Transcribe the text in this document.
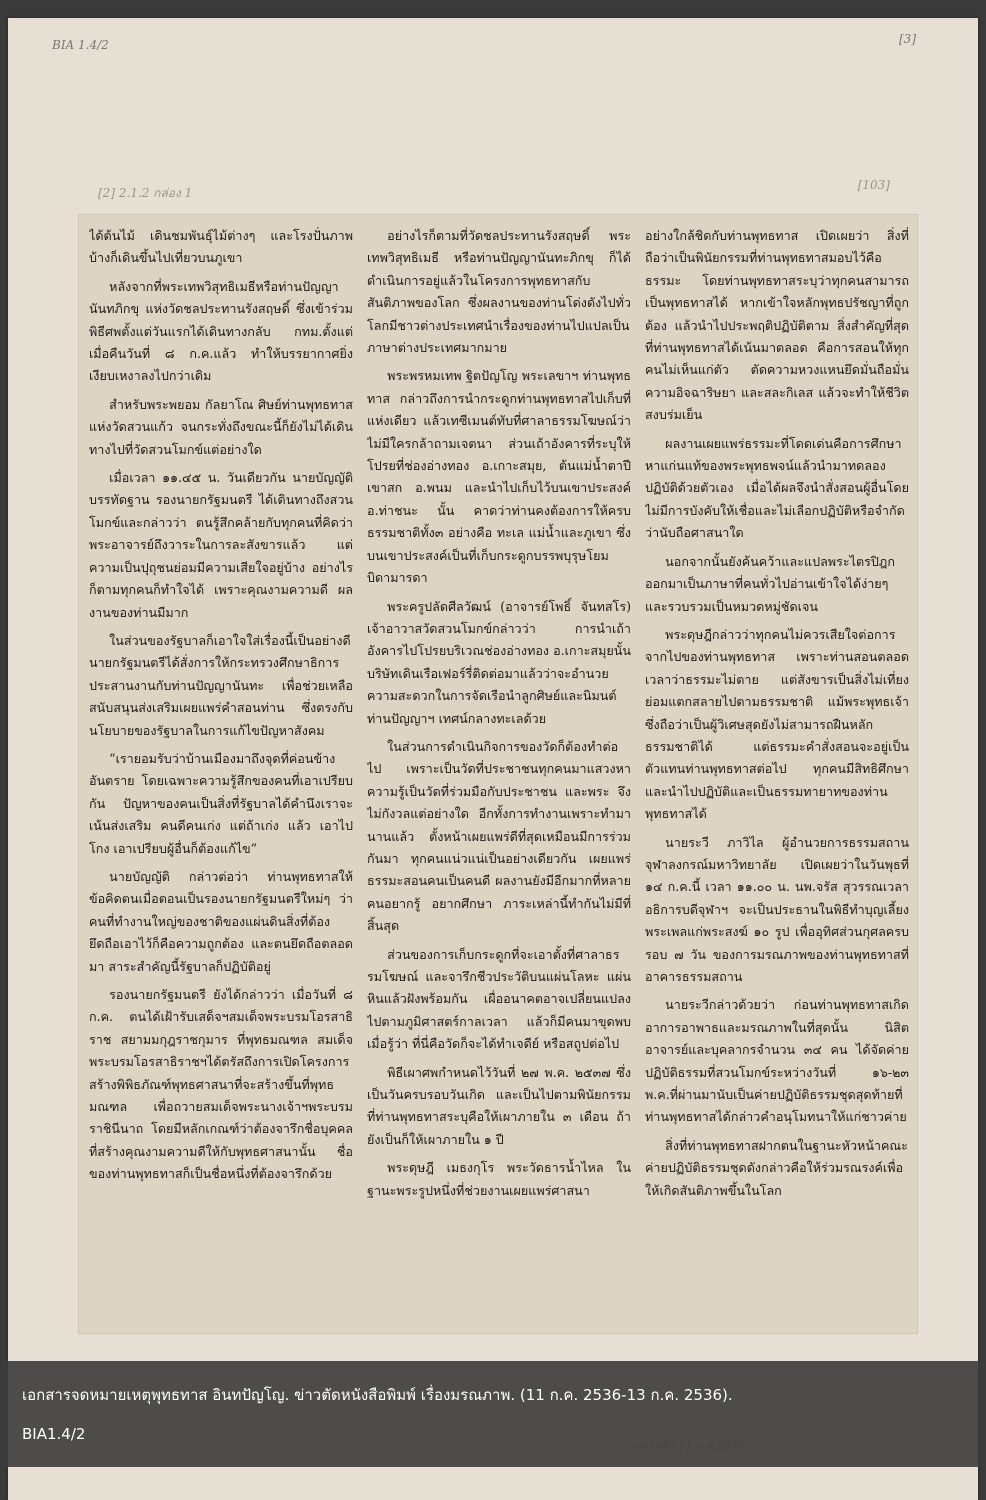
BIA 1.4/2	[3]
[2] 2.1.2 กล่อง 1
[103]

ได้ต้นไม้ เดินชมพันธุ์ไม้ต่างๆ และโรงปั่นภาพ บ้างก็เดินขึ้นไปเที่ยวบนภูเขา

หลังจากที่พระเทพวิสุทธิเมธีหรือท่านปัญญานันทภิกขุ แห่งวัดชลประทานรังสฤษดิ์ ซึ่งเข้าร่วมพิธีศพตั้งแต่วันแรกได้เดินทางกลับ กทม.ตั้งแต่เมื่อคืนวันที่ ๘ ก.ค.แล้ว ทำให้บรรยากาศยิ่งเงียบเหงาลงไปกว่าเดิม

สำหรับพระพยอม กัลยาโณ ศิษย์ท่านพุทธทาสแห่งวัดสวนแก้ว จนกระทั่งถึงขณะนี้ก็ยังไม่ได้เดินทางไปที่วัดสวนโมกข์แต่อย่างใด

เมื่อเวลา ๑๑.๔๕ น. วันเดียวกัน นายบัญญัติ บรรทัดฐาน รองนายกรัฐมนตรี ได้เดินทางถึงสวนโมกข์และกล่าวว่า ตนรู้สึกคล้ายกับทุกคนที่คิดว่าพระอาจารย์ถึงวาระในการละสังขารแล้ว แต่ความเป็นปุถุชนย่อมมีความเสียใจอยู่บ้าง อย่างไรก็ตามทุกคนก็ทำใจได้ เพราะคุณงามความดี ผลงานของท่านมีมาก

ในส่วนของรัฐบาลก็เอาใจใส่เรื่องนี้เป็นอย่างดี นายกรัฐมนตรีได้สั่งการให้กระทรวงศึกษาธิการประสานงานกับท่านปัญญานันทะ เพื่อช่วยเหลือสนับสนุนส่งเสริมเผยแพร่คำสอนท่าน ซึ่งตรงกับนโยบายของรัฐบาลในการแก้ไขปัญหาสังคม

“เรายอมรับว่าบ้านเมืองมาถึงจุดที่ค่อนข้างอันตราย โดยเฉพาะความรู้สึกของคนที่เอาเปรียบกัน ปัญหาของคนเป็นสิ่งที่รัฐบาลได้คำนึงเราจะเน้นส่งเสริม คนดีคนเก่ง แต่ถ้าเก่ง แล้ว เอาไปโกง เอาเปรียบผู้อื่นก็ต้องแก้ไข”

นายบัญญัติ กล่าวต่อว่า ท่านพุทธทาสให้ข้อคิดตนเมื่อตอนเป็นรองนายกรัฐมนตรีใหม่ๆ ว่า คนที่ทำงานใหญ่ของชาติของแผ่นดินสิ่งที่ต้องยึดถือเอาไว้ก็คือความถูกต้อง และตนยึดถือตลอดมา สาระสำคัญนี้รัฐบาลก็ปฏิบัติอยู่

รองนายกรัฐมนตรี ยังได้กล่าวว่า เมื่อวันที่ ๘ ก.ค. ตนได้เฝ้ารับเสด็จฯสมเด็จพระบรมโอรสาธิราช สยามมกุฎราชกุมาร ที่พุทธมณฑล สมเด็จพระบรมโอรสาธิราชฯได้ตรัสถึงการเปิดโครงการสร้างพิพิธภัณฑ์พุทธศาสนาที่จะสร้างขึ้นที่พุทธมณฑล เพื่อถวายสมเด็จพระนางเจ้าฯพระบรมราชินีนาถ โดยมีหลักเกณฑ์ว่าต้องจารึกชื่อบุคคลที่สร้างคุณงามความดีให้กับพุทธศาสนานั้น ชื่อของท่านพุทธทาสก็เป็นชื่อหนึ่งที่ต้องจารึกด้วย

อย่างไรก็ตามที่วัดชลประทานรังสฤษดิ์ พระเทพวิสุทธิเมธี หรือท่านปัญญานันทะภิกขุ ก็ได้ดำเนินการอยู่แล้วในโครงการพุทธทาสกับสันติภาพของโลก ซึ่งผลงานของท่านโด่งดังไปทั่วโลกมีชาวต่างประเทศนำเรื่องของท่านไปแปลเป็นภาษาต่างประเทศมากมาย

พระพรหมเทพ ฐิตปัญโญ พระเลขาฯ ท่านพุทธทาส กล่าวถึงการนำกระดูกท่านพุทธทาสไปเก็บที่แห่งเดียว แล้วเทซีเมนต์ทับที่ศาลาธรรมโฆษณ์ว่า ไม่มีใครกล้าถามเจตนา ส่วนเถ้าอังคารที่ระบุให้โปรยที่ช่องอ่างทอง อ.เกาะสมุย, ต้นแม่น้ำตาปีเขาสก อ.พนม และนำไปเก็บไว้บนเขาประสงค์ อ.ท่าชนะ นั้น คาดว่าท่านคงต้องการให้ครบธรรมชาติทั้ง๓ อย่างคือ ทะเล แม่น้ำและภูเขา ซึ่งบนเขาประสงค์เป็นที่เก็บกระดูกบรรพบุรุษโยมบิดามารดา

พระครูปลัดศีลวัฒน์ (อาจารย์โพธิ์ จันทสโร) เจ้าอาวาสวัดสวนโมกข์กล่าวว่า การนำเถ้าอังคารไปโปรยบริเวณช่องอ่างทอง อ.เกาะสมุยนั้น บริษัทเดินเรือเฟอร์รี่ติดต่อมาแล้วว่าจะอำนวยความสะดวกในการจัดเรือนำลูกศิษย์และนิมนต์ท่านปัญญาฯ เทศน์กลางทะเลด้วย

ในส่วนการดำเนินกิจการของวัดก็ต้องทำต่อไป เพราะเป็นวัดที่ประชาชนทุกคนมาแสวงหาความรู้เป็นวัดที่ร่วมมือกับประชาชน และพระ จึงไม่กังวลแต่อย่างใด อีกทั้งการทำงานเพราะทำมานานแล้ว ตั้งหน้าเผยแพร่ดีที่สุดเหมือนมีการร่วมกันมา ทุกคนแน่วแน่เป็นอย่างเดียวกัน เผยแพร่ธรรมะสอนคนเป็นคนดี ผลงานยังมีอีกมากที่หลายคนอยากรู้ อยากศึกษา ภาระเหล่านี้ทำกันไม่มีที่สิ้นสุด

ส่วนของการเก็บกระดูกที่จะเอาตั้งที่ศาลาธรรมโฆษณ์ และจารึกชีวประวัติบนแผ่นโลหะ แผ่นหินแล้วฝังพร้อมกัน เผื่ออนาคตอาจเปลี่ยนแปลงไปตามภูมิศาสตร์กาลเวลา แล้วก็มีคนมาขุดพบ เมื่อรู้ว่า ที่นี่คือวัดก็จะได้ทำเจดีย์ หรือสถูปต่อไป

พิธีเผาศพกำหนดไว้วันที่ ๒๗ พ.ค. ๒๕๓๗ ซึ่งเป็นวันครบรอบวันเกิด และเป็นไปตามพินัยกรรมที่ท่านพุทธทาสระบุคือให้เผาภายใน ๓ เดือน ถ้ายังเป็นก็ให้เผาภายใน ๑ ปี

พระดุษฎี เมธงกุโร พระวัดธารน้ำไหล ในฐานะพระรูปหนึ่งที่ช่วยงานเผยแพร่ศาสนา

อย่างใกล้ชิดกับท่านพุทธทาส เปิดเผยว่า สิ่งที่ถือว่าเป็นพินัยกรรมที่ท่านพุทธทาสมอบไว้คือธรรมะ โดยท่านพุทธทาสระบุว่าทุกคนสามารถเป็นพุทธทาสได้ หากเข้าใจหลักพุทธปรัชญาที่ถูกต้อง แล้วนำไปประพฤติปฏิบัติตาม สิ่งสำคัญที่สุดที่ท่านพุทธทาสได้เน้นมาตลอด คือการสอนให้ทุกคนไม่เห็นแก่ตัว ตัดความหวงแหนยึดมั่นถือมั่น ความอิจฉาริษยา และสละกิเลส แล้วจะทำให้ชีวิตสงบร่มเย็น

ผลงานเผยแพร่ธรรมะที่โดดเด่นคือการศึกษาหาแก่นแท้ของพระพุทธพจน์แล้วนำมาทดลองปฏิบัติด้วยตัวเอง เมื่อได้ผลจึงนำสั่งสอนผู้อื่นโดยไม่มีการบังคับให้เชื่อและไม่เลือกปฏิบัติหรือจำกัดว่านับถือศาสนาใด

นอกจากนั้นยังค้นคว้าและแปลพระไตรปิฎกออกมาเป็นภาษาที่คนทั่วไปอ่านเข้าใจได้ง่ายๆ และรวบรวมเป็นหมวดหมู่ชัดเจน

พระดุษฎีกล่าวว่าทุกคนไม่ควรเสียใจต่อการจากไปของท่านพุทธทาส เพราะท่านสอนตลอดเวลาว่าธรรมะไม่ตาย แต่สังขารเป็นสิ่งไม่เที่ยง ย่อมแตกสลายไปตามธรรมชาติ แม้พระพุทธเจ้าซึ่งถือว่าเป็นผู้วิเศษสุดยังไม่สามารถฝืนหลักธรรมชาติได้ แต่ธรรมะคำสั่งสอนจะอยู่เป็นตัวแทนท่านพุทธทาสต่อไป ทุกคนมีสิทธิศึกษาและนำไปปฏิบัติและเป็นธรรมทายาทของท่านพุทธทาสได้

นายระวี ภาวิไล ผู้อำนวยการธรรมสถานจุฬาลงกรณ์มหาวิทยาลัย เปิดเผยว่าในวันพุธที่ ๑๔ ก.ค.นี้ เวลา ๑๑.๐๐ น. นพ.จรัส สุวรรณเวลา อธิการบดีจุฬาฯ จะเป็นประธานในพิธีทำบุญเลี้ยงพระเพลแก่พระสงฆ์ ๑๐ รูป เพื่ออุทิศส่วนกุศลครบรอบ ๗ วัน ของการมรณภาพของท่านพุทธทาสที่อาคารธรรมสถาน

นายระวีกล่าวด้วยว่า ก่อนท่านพุทธทาสเกิดอาการอาพาธและมรณภาพในที่สุดนั้น นิสิต อาจารย์และบุคลากรจำนวน ๓๔ คน ได้จัดค่ายปฏิบัติธรรมที่สวนโมกข์ระหว่างวันที่ ๑๖-๒๓ พ.ค.ที่ผ่านมานับเป็นค่ายปฏิบัติธรรมชุดสุดท้ายที่ท่านพุทธทาสได้กล่าวคำอนุโมทนาให้แก่ชาวค่าย

สิ่งที่ท่านพุทธทาสฝากตนในฐานะหัวหน้าคณะค่ายปฏิบัติธรรมชุดดังกล่าวคือให้ร่วมรณรงค์เพื่อให้เกิดสันติภาพขึ้นในโลก

เอกสารจดหมายเหตุพุทธทาส อินทปัญโญ. ข่าวตัดหนังสือพิมพ์ เรื่องมรณภาพ. (11 ก.ค. 2536-13 ก.ค. 2536).
BIA1.4/2
